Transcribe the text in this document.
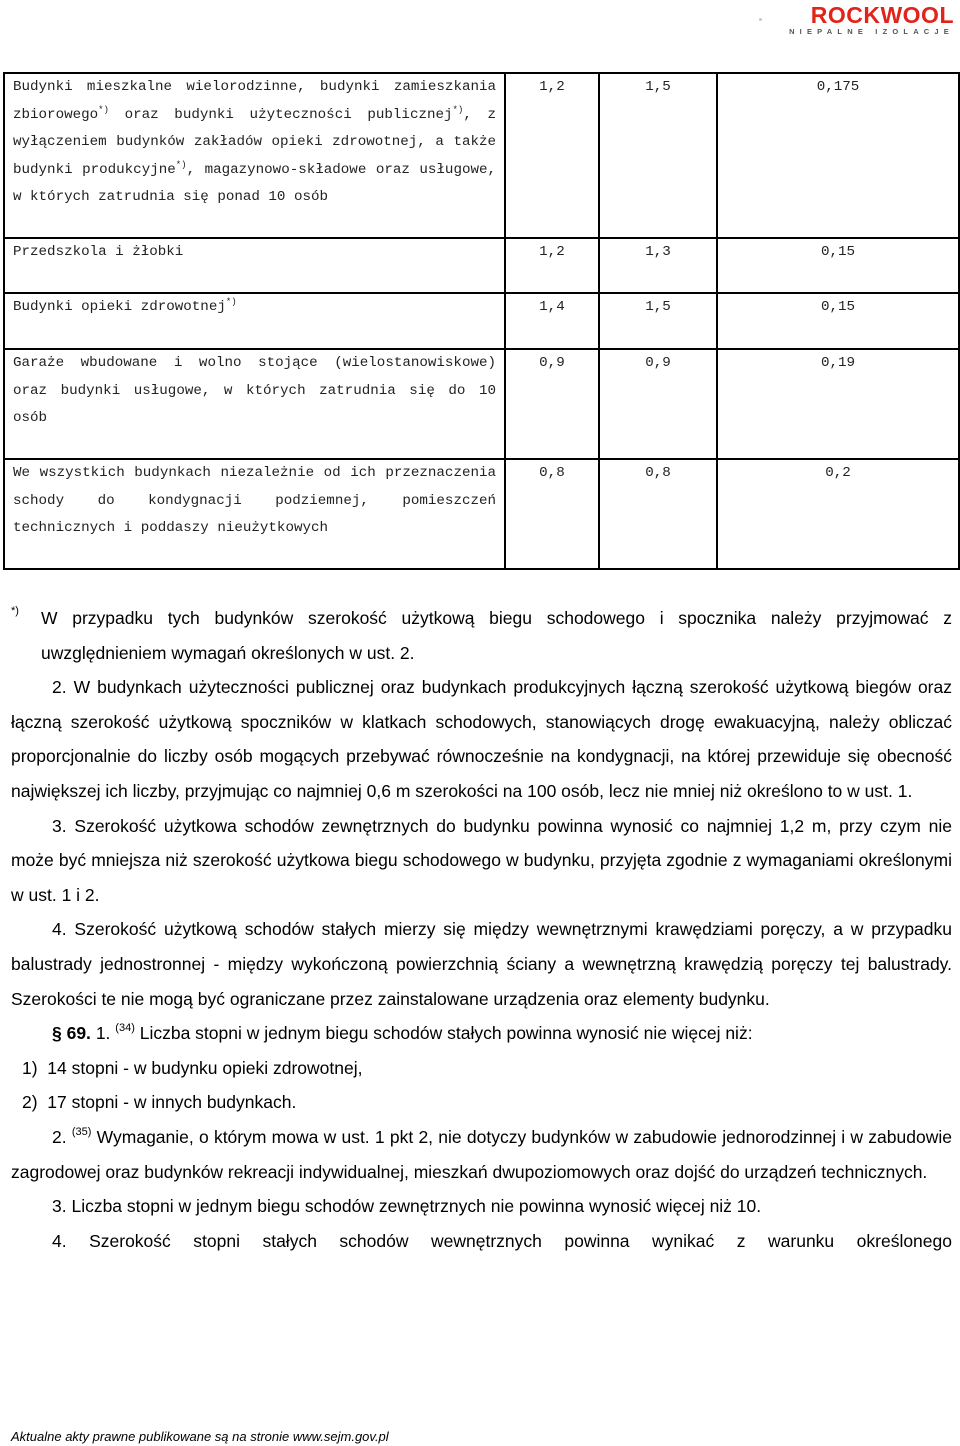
ROCKWOOL
NIEPALNE IZOLACJE
Budynki mieszkalne wielorodzinne, budynki zamieszkania zbiorowego*) oraz budynki użyteczności publicznej*), z wyłączeniem budynków zakładów opieki zdrowotnej, a także budynki produkcyjne*), magazynowo-składowe oraz usługowe, w których zatrudnia się ponad 10 osób	1,2	1,5	0,175
Przedszkola i żłobki	1,2	1,3	0,15
Budynki opieki zdrowotnej*)	1,4	1,5	0,15
Garaże wbudowane i wolno stojące (wielostanowiskowe) oraz budynki usługowe, w których zatrudnia się do 10 osób	0,9	0,9	0,19
We wszystkich budynkach niezależnie od ich przeznaczenia schody do kondygnacji podziemnej, pomieszczeń technicznych i poddaszy nieużytkowych	0,8	0,8	0,2
*)	W przypadku tych budynków szerokość użytkową biegu schodowego i spocznika należy przyjmować z uwzględnieniem wymagań określonych w ust. 2.

2. W budynkach użyteczności publicznej oraz budynkach produkcyjnych łączną szerokość użytkową biegów oraz łączną szerokość użytkową spoczników w klatkach schodowych, stanowiących drogę ewakuacyjną, należy obliczać proporcjonalnie do liczby osób mogących przebywać równocześnie na kondygnacji, na której przewiduje się obecność największej ich liczby, przyjmując co najmniej 0,6 m szerokości na 100 osób, lecz nie mniej niż określono to w ust. 1.

3. Szerokość użytkowa schodów zewnętrznych do budynku powinna wynosić co najmniej 1,2 m, przy czym nie może być mniejsza niż szerokość użytkowa biegu schodowego w budynku, przyjęta zgodnie z wymaganiami określonymi w ust. 1 i 2.

4. Szerokość użytkową schodów stałych mierzy się między wewnętrznymi krawędziami poręczy, a w przypadku balustrady jednostronnej - między wykończoną powierzchnią ściany a wewnętrzną krawędzią poręczy tej balustrady. Szerokości te nie mogą być ograniczane przez zainstalowane urządzenia oraz elementy budynku.

§ 69. 1. $^{(34)}$ Liczba stopni w jednym biegu schodów stałych powinna wynosić nie więcej niż:

1) 14 stopni - w budynku opieki zdrowotnej,

2) 17 stopni - w innych budynkach.

2. $^{(35)}$ Wymaganie, o którym mowa w ust. 1 pkt 2, nie dotyczy budynków w zabudowie jednorodzinnej i w zabudowie zagrodowej oraz budynków rekreacji indywidualnej, mieszkań dwupoziomowych oraz dojść do urządzeń technicznych.

3. Liczba stopni w jednym biegu schodów zewnętrznych nie powinna wynosić więcej niż 10.

4. Szerokość stopni stałych schodów wewnętrznych powinna wynikać z warunku określonego

Aktualne akty prawne publikowane są na stronie www.sejm.gov.pl
